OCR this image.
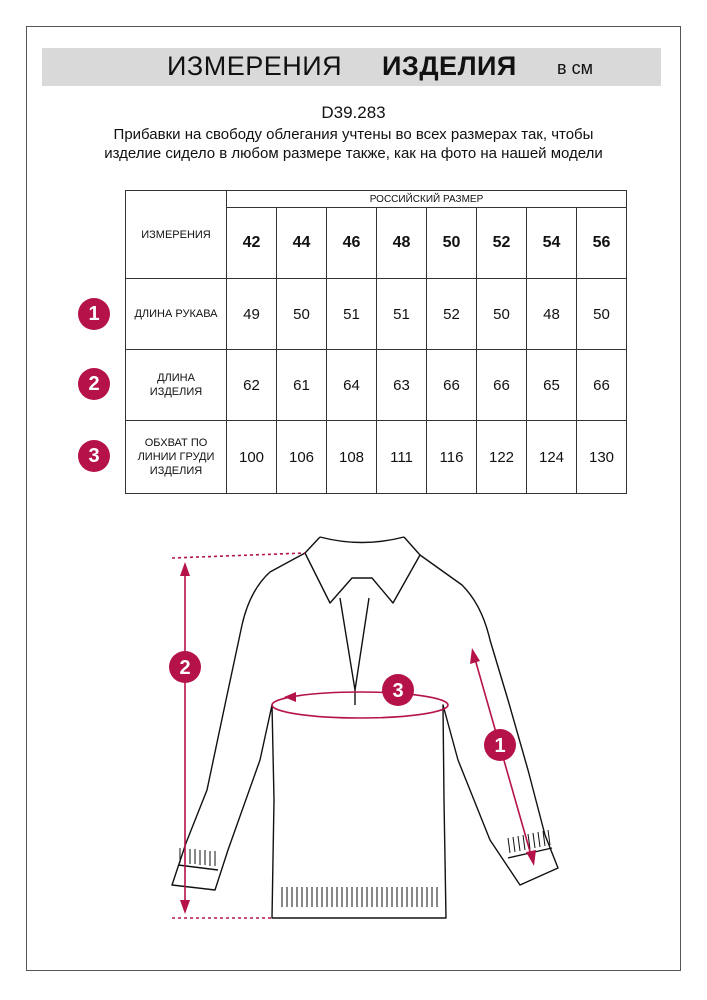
ИЗМЕРЕНИЯ ИЗДЕЛИЯ в см
D39.283
Прибавки на свободу облегания учтены во всех размерах так, чтобы изделие сидело в любом размере также, как на фото на нашей модели
ИЗМЕРЕНИЯ	РОССИЙСКИЙ РАЗМЕР							
	42	44	46	48	50	52	54	56
ДЛИНА РУКАВА	49	50	51	51	52	50	48	50
ДЛИНА ИЗДЕЛИЯ	62	61	64	63	66	66	65	66
ОБХВАТ ПО ЛИНИИ ГРУДИ ИЗДЕЛИЯ	100	106	108	111	116	122	124	130
1
2
3
2
3
1
